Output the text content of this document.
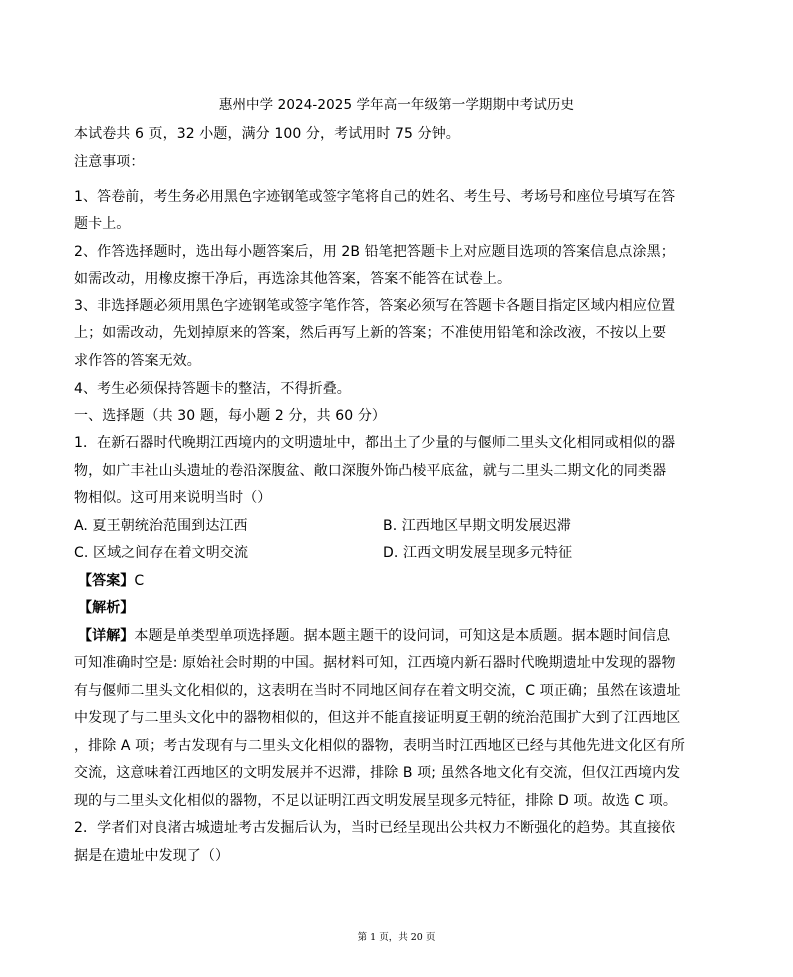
惠州中学 2024-2025 学年高一年级第一学期期中考试历史
本试卷共 6 页，32 小题，满分 100 分，考试用时 75 分钟。
注意事项：
1、答卷前，考生务必用黑色字迹钢笔或签字笔将自己的姓名、考生号、考场号和座位号填写在答
题卡上。
2、作答选择题时，选出每小题答案后，用 2B 铅笔把答题卡上对应题目选项的答案信息点涂黑；
如需改动，用橡皮擦干净后，再选涂其他答案，答案不能答在试卷上。
3、非选择题必须用黑色字迹钢笔或签字笔作答，答案必须写在答题卡各题目指定区域内相应位置
上；如需改动，先划掉原来的答案，然后再写上新的答案；不准使用铅笔和涂改液，不按以上要
求作答的答案无效。
4、考生必须保持答题卡的整洁，不得折叠。
一、选择题（共 30 题，每小题 2 分，共 60 分）
1．在新石器时代晚期江西境内的文明遗址中，都出土了少量的与偃师二里头文化相同或相似的器
物，如广丰社山头遗址的卷沿深腹盆、敞口深腹外饰凸棱平底盆，就与二里头二期文化的同类器
物相似。这可用来说明当时（）
A. 夏王朝统治范围到达江西	B. 江西地区早期文明发展迟滞
C. 区域之间存在着文明交流	D. 江西文明发展呈现多元特征
【答案】C
【解析】
【详解】本题是单类型单项选择题。据本题主题干的设问词，可知这是本质题。据本题时间信息
可知准确时空是: 原始社会时期的中国。据材料可知，江西境内新石器时代晚期遗址中发现的器物
有与偃师二里头文化相似的，这表明在当时不同地区间存在着文明交流，C 项正确；虽然在该遗址
中发现了与二里头文化中的器物相似的，但这并不能直接证明夏王朝的统治范围扩大到了江西地区
，排除 A 项；考古发现有与二里头文化相似的器物，表明当时江西地区已经与其他先进文化区有所
交流，这意味着江西地区的文明发展并不迟滞，排除 B 项; 虽然各地文化有交流，但仅江西境内发
现的与二里头文化相似的器物，不足以证明江西文明发展呈现多元特征，排除 D 项。故选 C 项。
2．学者们对良渚古城遗址考古发掘后认为，当时已经呈现出公共权力不断强化的趋势。其直接依
据是在遗址中发现了（）
第 1 页，共 20 页
